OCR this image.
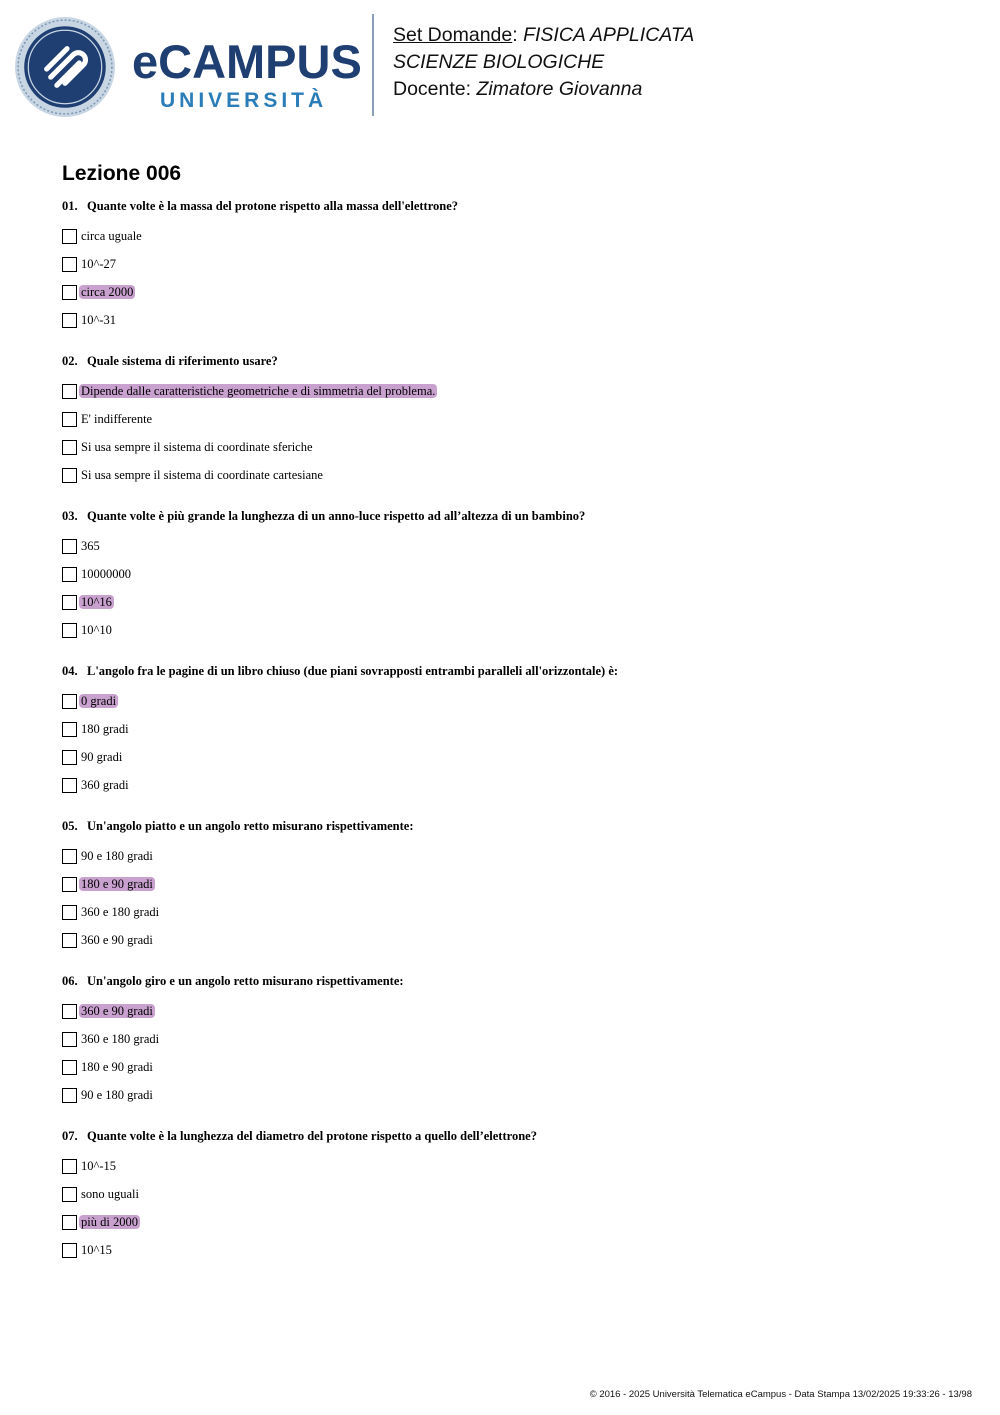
eCAMPUS
UNIVERSITÀ
Set Domande: FISICA APPLICATA
SCIENZE BIOLOGICHE
Docente: Zimatore Giovanna
Lezione 006
01. Quante volte è la massa del protone rispetto alla massa dell'elettrone?
circa uguale
10^-27
circa 2000
10^-31
02. Quale sistema di riferimento usare?
Dipende dalle caratteristiche geometriche e di simmetria del problema.
E' indifferente
Si usa sempre il sistema di coordinate sferiche
Si usa sempre il sistema di coordinate cartesiane
03. Quante volte è più grande la lunghezza di un anno-luce rispetto ad all’altezza di un bambino?
365
10000000
10^16
10^10
04. L'angolo fra le pagine di un libro chiuso (due piani sovrapposti entrambi paralleli all'orizzontale) è:
0 gradi
180 gradi
90 gradi
360 gradi
05. Un'angolo piatto e un angolo retto misurano rispettivamente:
90 e 180 gradi
180 e 90 gradi
360 e 180 gradi
360 e 90 gradi
06. Un'angolo giro e un angolo retto misurano rispettivamente:
360 e 90 gradi
360 e 180 gradi
180 e 90 gradi
90 e 180 gradi
07. Quante volte è la lunghezza del diametro del protone rispetto a quello dell’elettrone?
10^-15
sono uguali
più di 2000
10^15
© 2016 - 2025 Università Telematica eCampus - Data Stampa 13/02/2025 19:33:26 - 13/98
